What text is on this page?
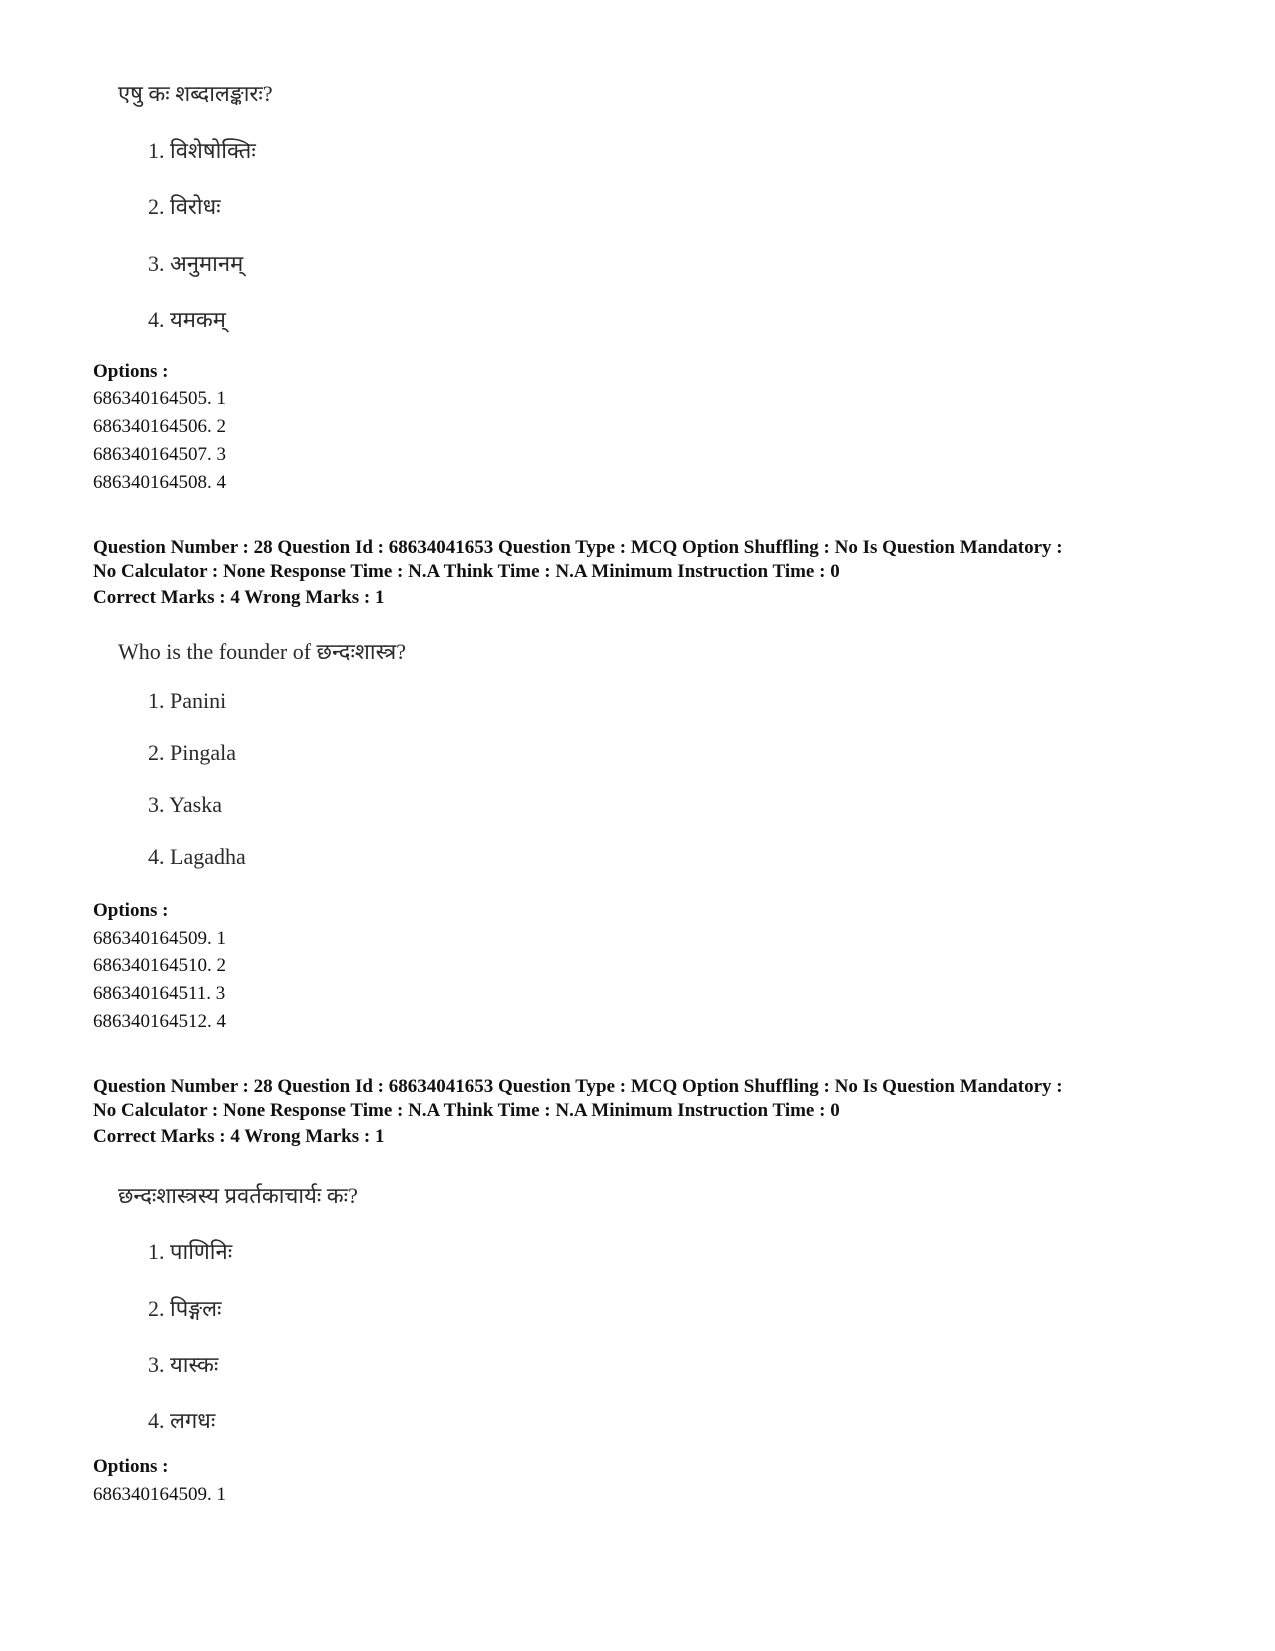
एषु कः शब्दालङ्कारः?
1. विशेषोक्तिः
2. विरोधः
3. अनुमानम्
4. यमकम्
Options :
686340164505. 1
686340164506. 2
686340164507. 3
686340164508. 4
Question Number : 28 Question Id : 68634041653 Question Type : MCQ Option Shuffling : No Is Question Mandatory :
No Calculator : None Response Time : N.A Think Time : N.A Minimum Instruction Time : 0
Correct Marks : 4 Wrong Marks : 1
Who is the founder of छन्दःशास्त्र?
1. Panini
2. Pingala
3. Yaska
4. Lagadha
Options :
686340164509. 1
686340164510. 2
686340164511. 3
686340164512. 4
Question Number : 28 Question Id : 68634041653 Question Type : MCQ Option Shuffling : No Is Question Mandatory :
No Calculator : None Response Time : N.A Think Time : N.A Minimum Instruction Time : 0
Correct Marks : 4 Wrong Marks : 1
छन्दःशास्त्रस्य प्रवर्तकाचार्यः कः?
1. पाणिनिः
2. पिङ्गलः
3. यास्कः
4. लगधः
Options :
686340164509. 1
